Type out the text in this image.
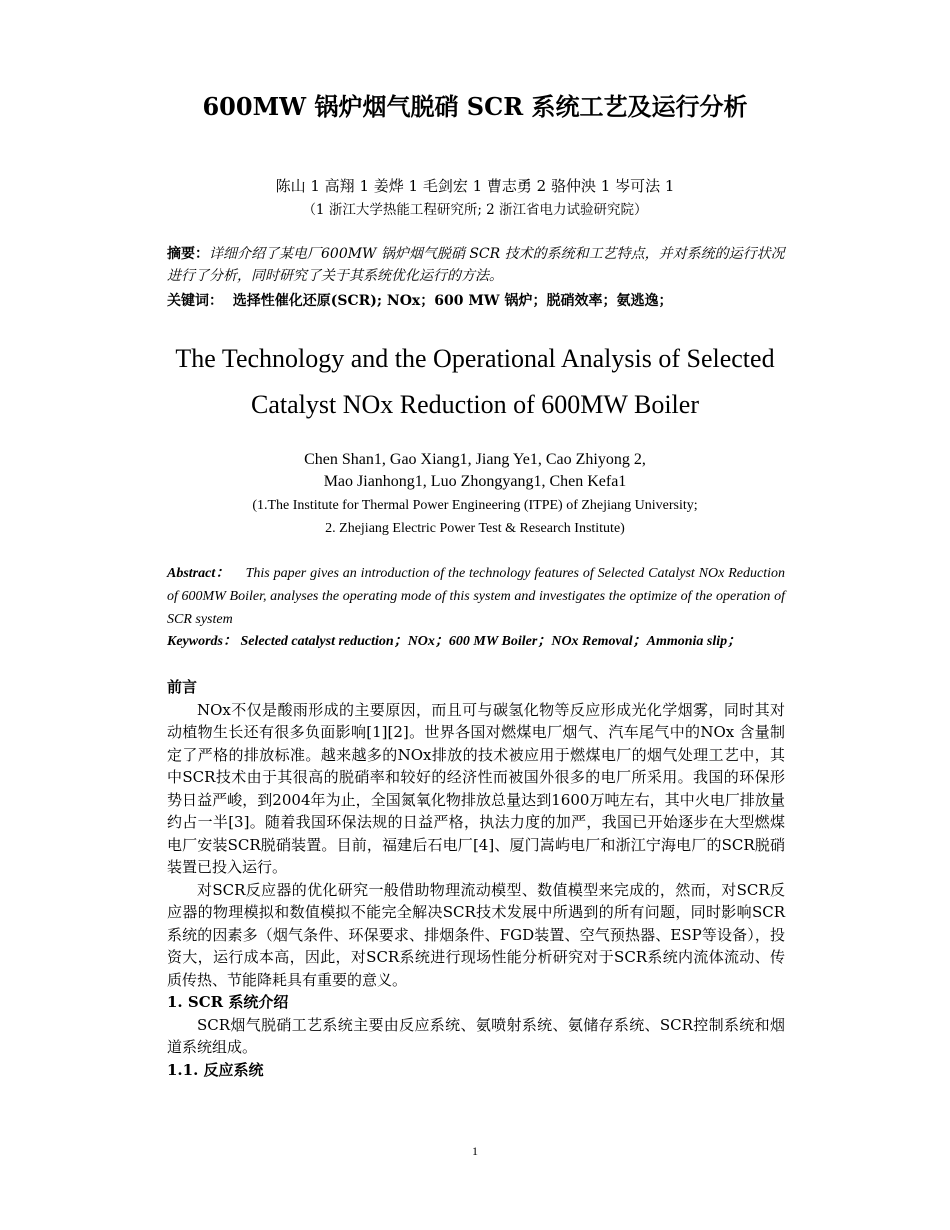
600MW 锅炉烟气脱硝 SCR 系统工艺及运行分析
陈山 1 高翔 1 姜烨 1 毛剑宏 1 曹志勇 2 骆仲泱 1 岑可法 1
（1 浙江大学热能工程研究所; 2 浙江省电力试验研究院）
摘要：详细介绍了某电厂600MW 锅炉烟气脱硝 SCR 技术的系统和工艺特点，并对系统的运行状况进行了分析，同时研究了关于其系统优化运行的方法。
关键词： 选择性催化还原(SCR); NOx；600 MW 锅炉；脱硝效率；氨逃逸；
The Technology and the Operational Analysis of Selected
Catalyst NOx Reduction of 600MW Boiler
Chen Shan1, Gao Xiang1, Jiang Ye1, Cao Zhiyong 2,
Mao Jianhong1, Luo Zhongyang1, Chen Kefa1
(1.The Institute for Thermal Power Engineering (ITPE) of Zhejiang University;
2. Zhejiang Electric Power Test & Research Institute)
Abstract： This paper gives an introduction of the technology features of Selected Catalyst NOx Reduction of 600MW Boiler, analyses the operating mode of this system and investigates the optimize of the operation of SCR system
Keywords： Selected catalyst reduction；NOx；600 MW Boiler；NOx Removal；Ammonia slip；
前言

NOx不仅是酸雨形成的主要原因，而且可与碳氢化物等反应形成光化学烟雾，同时其对动植物生长还有很多负面影响[1][2]。世界各国对燃煤电厂烟气、汽车尾气中的NOx 含量制定了严格的排放标准。越来越多的NOx排放的技术被应用于燃煤电厂的烟气处理工艺中，其中SCR技术由于其很高的脱硝率和较好的经济性而被国外很多的电厂所采用。我国的环保形势日益严峻，到2004年为止，全国氮氧化物排放总量达到1600万吨左右，其中火电厂排放量约占一半[3]。随着我国环保法规的日益严格，执法力度的加严，我国已开始逐步在大型燃煤电厂安装SCR脱硝装置。目前，福建后石电厂[4]、厦门嵩屿电厂和浙江宁海电厂的SCR脱硝装置已投入运行。

对SCR反应器的优化研究一般借助物理流动模型、数值模型来完成的，然而，对SCR反应器的物理模拟和数值模拟不能完全解决SCR技术发展中所遇到的所有问题，同时影响SCR系统的因素多（烟气条件、环保要求、排烟条件、FGD装置、空气预热器、ESP等设备），投资大，运行成本高，因此，对SCR系统进行现场性能分析研究对于SCR系统内流体流动、传质传热、节能降耗具有重要的意义。

1. SCR 系统介绍

SCR烟气脱硝工艺系统主要由反应系统、氨喷射系统、氨储存系统、SCR控制系统和烟道系统组成。

1.1. 反应系统
1
